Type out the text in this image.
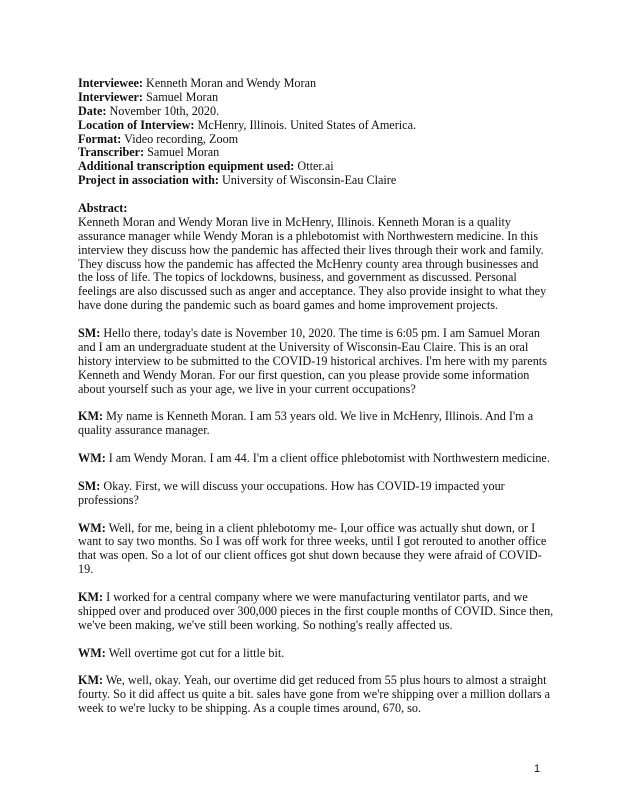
Interviewee: Kenneth Moran and Wendy Moran
Interviewer: Samuel Moran
Date: November 10th, 2020.
Location of Interview: McHenry, Illinois. United States of America.
Format: Video recording, Zoom
Transcriber: Samuel Moran
Additional transcription equipment used: Otter.ai
Project in association with: University of Wisconsin-Eau Claire
Abstract:
Kenneth Moran and Wendy Moran live in McHenry, Illinois. Kenneth Moran is a quality
assurance manager while Wendy Moran is a phlebotomist with Northwestern medicine. In this
interview they discuss how the pandemic has affected their lives through their work and family.
They discuss how the pandemic has affected the McHenry county area through businesses and
the loss of life. The topics of lockdowns, business, and government as discussed. Personal
feelings are also discussed such as anger and acceptance. They also provide insight to what they
have done during the pandemic such as board games and home improvement projects.
SM: Hello there, today's date is November 10, 2020. The time is 6:05 pm. I am Samuel Moran
and I am an undergraduate student at the University of Wisconsin-Eau Claire. This is an oral
history interview to be submitted to the COVID-19 historical archives. I'm here with my parents
Kenneth and Wendy Moran. For our first question, can you please provide some information
about yourself such as your age, we live in your current occupations?
KM: My name is Kenneth Moran. I am 53 years old. We live in McHenry, Illinois. And I'm a
quality assurance manager.
WM: I am Wendy Moran. I am 44. I'm a client office phlebotomist with Northwestern medicine.
SM: Okay. First, we will discuss your occupations. How has COVID-19 impacted your
professions?
WM: Well, for me, being in a client phlebotomy me- I,our office was actually shut down, or I
want to say two months. So I was off work for three weeks, until I got rerouted to another office
that was open. So a lot of our client offices got shut down because they were afraid of COVID-
19.
KM: I worked for a central company where we were manufacturing ventilator parts, and we
shipped over and produced over 300,000 pieces in the first couple months of COVID. Since then,
we've been making, we've still been working. So nothing's really affected us.
WM: Well overtime got cut for a little bit.
KM: We, well, okay. Yeah, our overtime did get reduced from 55 plus hours to almost a straight
fourty. So it did affect us quite a bit. sales have gone from we're shipping over a million dollars a
week to we're lucky to be shipping. As a couple times around, 670, so.
1
